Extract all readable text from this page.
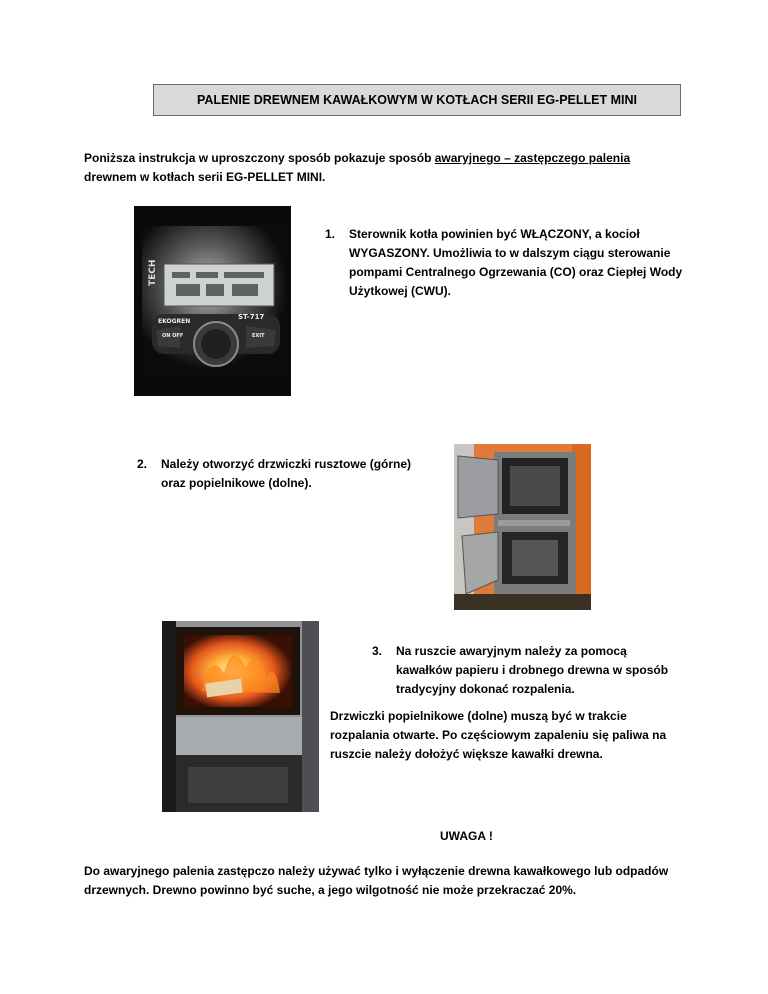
PALENIE DREWNEM KAWAŁKOWYM W KOTŁACH SERII EG-PELLET MINI
Poniższa instrukcja w uproszczony sposób pokazuje sposób awaryjnego – zastępczego palenia drewnem w kotłach serii EG-PELLET MINI.
TECH
EKOGREN
ST-717
ON OFF	EXIT
1. Sterownik kotła powinien być WŁĄCZONY, a kocioł WYGASZONY. Umożliwia to w dalszym ciągu sterowanie pompami Centralnego Ogrzewania (CO) oraz Ciepłej Wody Użytkowej (CWU).
2. Należy otworzyć drzwiczki rusztowe (górne) oraz popielnikowe (dolne).
3. Na ruszcie awaryjnym należy za pomocą kawałków papieru i drobnego drewna w sposób tradycyjny dokonać rozpalenia.
Drzwiczki popielnikowe (dolne) muszą być w trakcie rozpalania otwarte. Po częściowym zapaleniu się paliwa na ruszcie należy dołożyć większe kawałki drewna.
UWAGA !
Do awaryjnego palenia zastępczo należy używać tylko i wyłączenie drewna kawałkowego lub odpadów drzewnych. Drewno powinno być suche, a jego wilgotność nie może przekraczać 20%.
